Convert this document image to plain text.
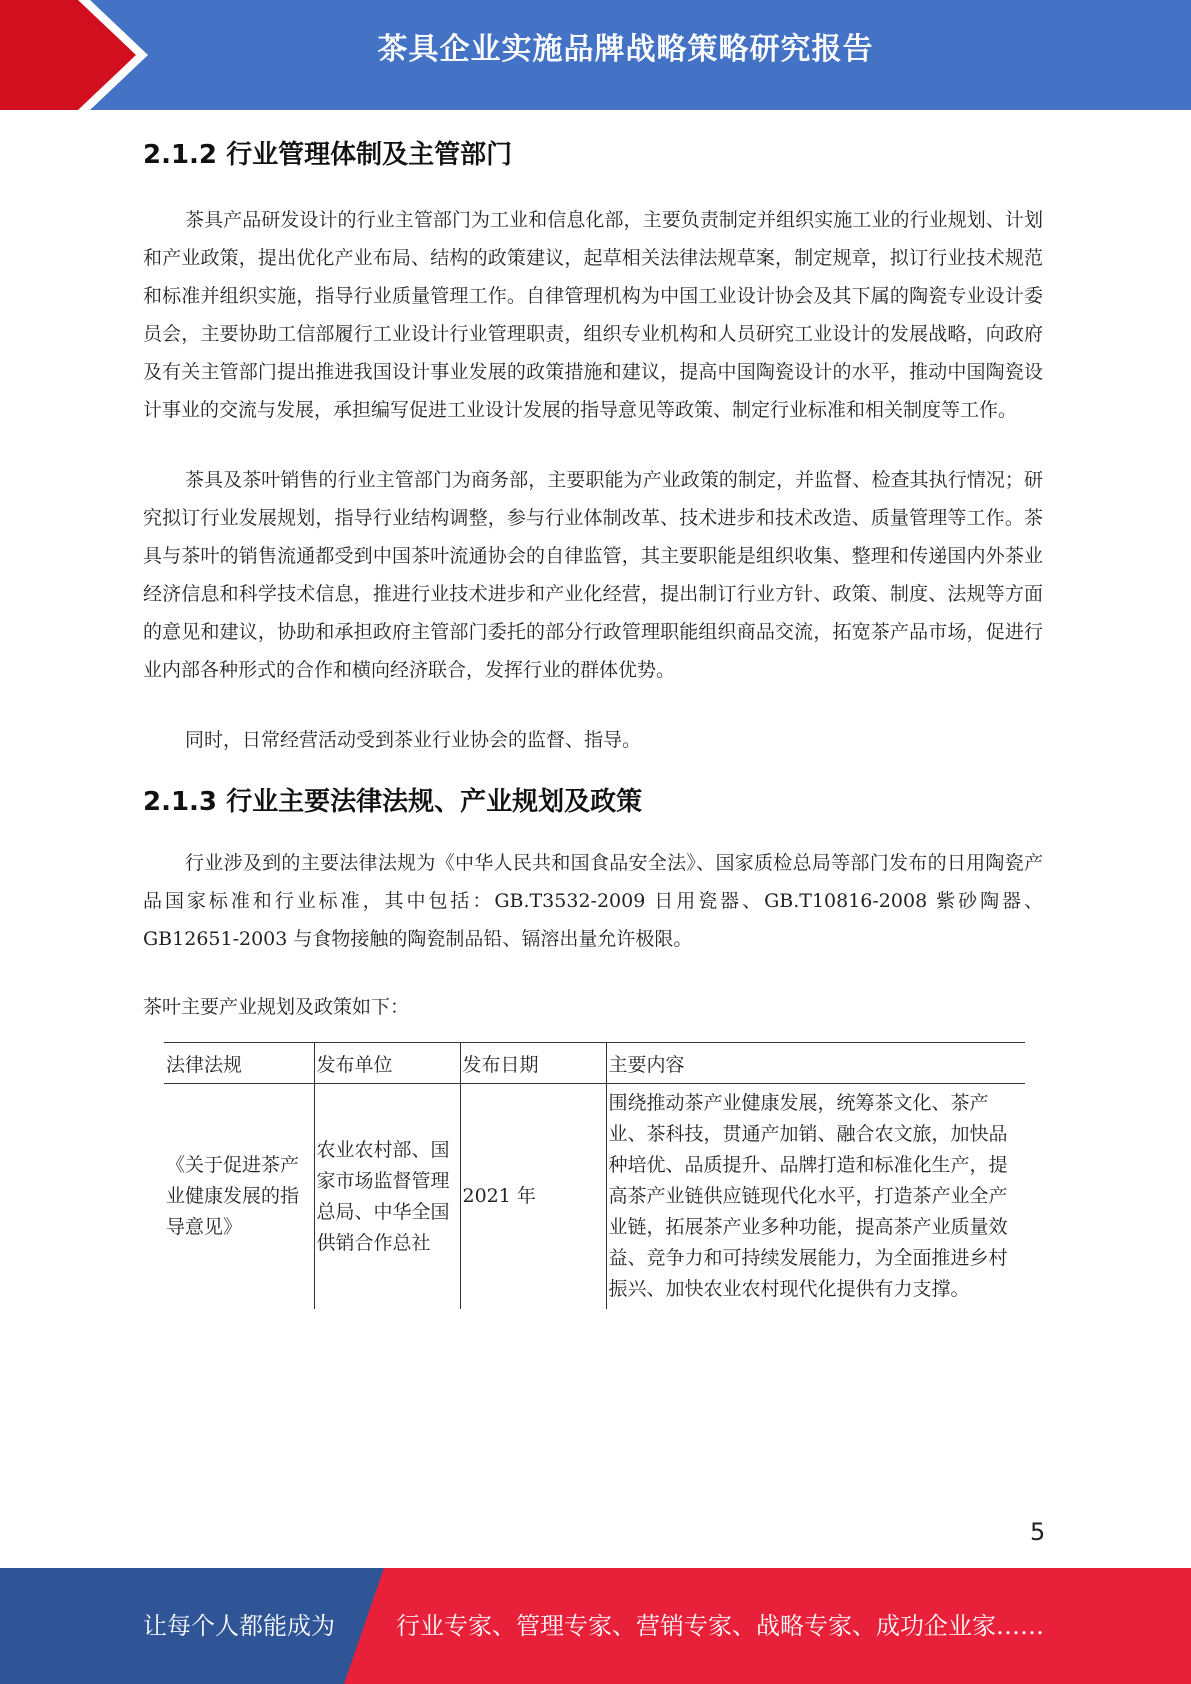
茶具企业实施品牌战略策略研究报告
2.1.2 行业管理体制及主管部门

茶具产品研发设计的行业主管部门为工业和信息化部，主要负责制定并组织实施工业的行业规划、计划和产业政策，提出优化产业布局、结构的政策建议，起草相关法律法规草案，制定规章，拟订行业技术规范和标准并组织实施，指导行业质量管理工作。自律管理机构为中国工业设计协会及其下属的陶瓷专业设计委员会，主要协助工信部履行工业设计行业管理职责，组织专业机构和人员研究工业设计的发展战略，向政府及有关主管部门提出推进我国设计事业发展的政策措施和建议，提高中国陶瓷设计的水平，推动中国陶瓷设计事业的交流与发展，承担编写促进工业设计发展的指导意见等政策、制定行业标准和相关制度等工作。

茶具及茶叶销售的行业主管部门为商务部，主要职能为产业政策的制定，并监督、检查其执行情况；研究拟订行业发展规划，指导行业结构调整，参与行业体制改革、技术进步和技术改造、质量管理等工作。茶具与茶叶的销售流通都受到中国茶叶流通协会的自律监管，其主要职能是组织收集、整理和传递国内外茶业经济信息和科学技术信息，推进行业技术进步和产业化经营，提出制订行业方针、政策、制度、法规等方面的意见和建议，协助和承担政府主管部门委托的部分行政管理职能组织商品交流，拓宽茶产品市场，促进行业内部各种形式的合作和横向经济联合，发挥行业的群体优势。

同时，日常经营活动受到茶业行业协会的监督、指导。

2.1.3 行业主要法律法规、产业规划及政策

行业涉及到的主要法律法规为《中华人民共和国食品安全法》、国家质检总局等部门发布的日用陶瓷产品国家标准和行业标准，其中包括：GB.T3532-2009 日用瓷器、GB.T10816-2008 紫砂陶器、GB12651-2003 与食物接触的陶瓷制品铅、镉溶出量允许极限。

茶叶主要产业规划及政策如下：

法律法规	发布单位	发布日期	主要内容
《关于促进茶产业健康发展的指导意见》	农业农村部、国家市场监督管理总局、中华全国供销合作总社	2021 年	围绕推动茶产业健康发展，统筹茶文化、茶产业、茶科技，贯通产加销、融合农文旅，加快品种培优、品质提升、品牌打造和标准化生产，提高茶产业链供应链现代化水平，打造茶产业全产业链，拓展茶产业多种功能，提高茶产业质量效益、竞争力和可持续发展能力，为全面推进乡村振兴、加快农业农村现代化提供有力支撑。
5
让每个人都能成为	行业专家、管理专家、营销专家、战略专家、成功企业家……
